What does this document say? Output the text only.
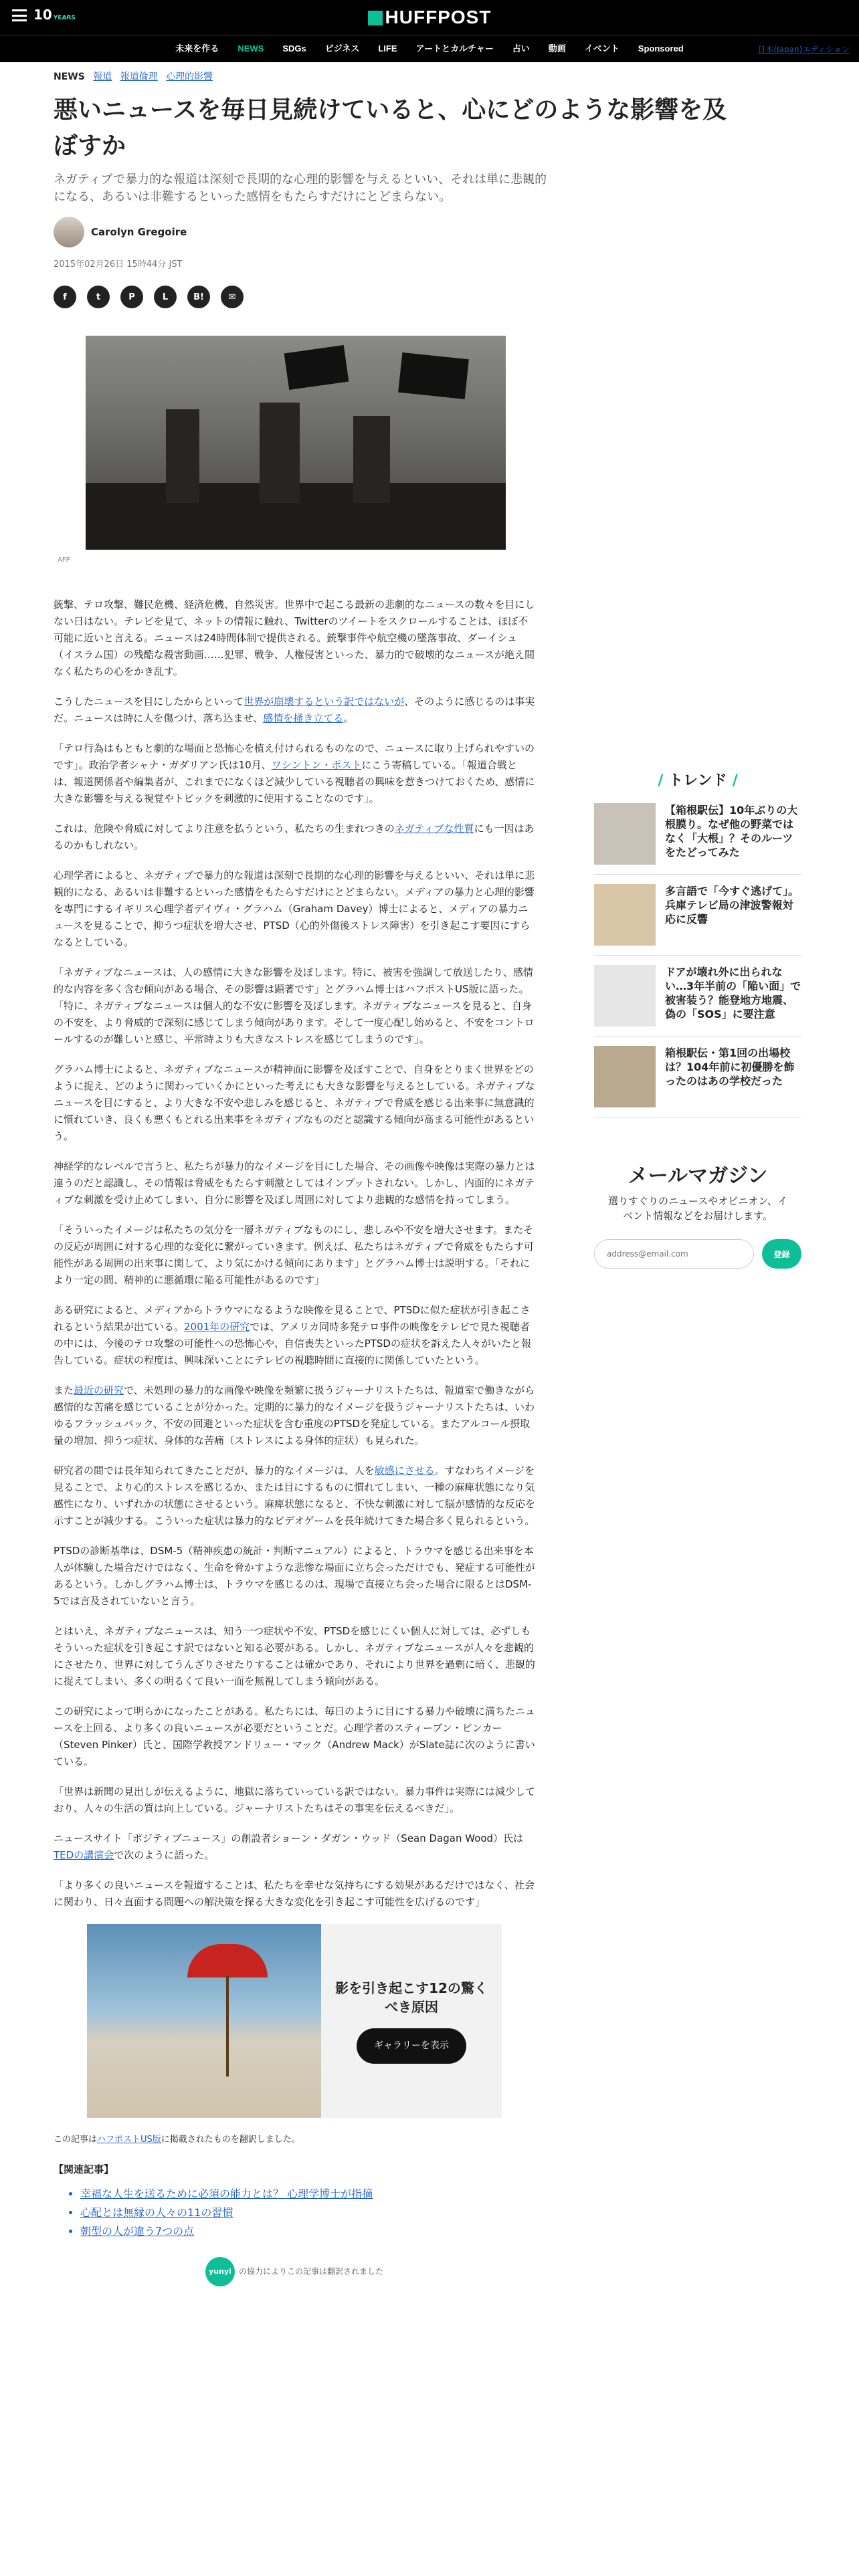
10 YEARS	HUFFPOST
未来を作る NEWS SDGs ビジネス LIFE アートとカルチャー 占い 動画 イベント Sponsored	日本(Japan)エディション
NEWS 報道 報道倫理 心理的影響
悪いニュースを毎日見続けていると、心にどのような影響を及ぼすか

ネガティブで暴力的な報道は深刻で長期的な心理的影響を与えるといい、それは単に悲観的になる、あるいは非難するといった感情をもたらすだけにとどまらない。

Carolyn Gregoire
2015年02月26日 15時44分 JST
f	t	P	L	B!	✉
AFP

銃撃、テロ攻撃、難民危機、経済危機、自然災害。世界中で起こる最新の悲劇的なニュースの数々を目にしない日はない。テレビを見て、ネットの情報に触れ、Twitterのツイートをスクロールすることは、ほぼ不可能に近いと言える。ニュースは24時間体制で提供される。銃撃事件や航空機の墜落事故、ダーイシュ（イスラム国）の残酷な殺害動画……犯罪、戦争、人権侵害といった、暴力的で破壊的なニュースが絶え間なく私たちの心をかき乱す。

こうしたニュースを目にしたからといって世界が崩壊するという訳ではないが、そのように感じるのは事実だ。ニュースは時に人を傷つけ、落ち込ませ、感情を掻き立てる。

「テロ行為はもともと劇的な場面と恐怖心を植え付けられるものなので、ニュースに取り上げられやすいのです」。政治学者シャナ・ガダリアン氏は10月、ワシントン・ポストにこう寄稿している。「報道合戦とは、報道関係者や編集者が、これまでになくほど減少している視聴者の興味を惹きつけておくため、感情に大きな影響を与える視覚やトピックを刺激的に使用することなのです」。

これは、危険や脅威に対してより注意を払うという、私たちの生まれつきのネガティブな性質にも一因はあるのかもしれない。

心理学者によると、ネガティブで暴力的な報道は深刻で長期的な心理的影響を与えるといい、それは単に悲観的になる、あるいは非難するといった感情をもたらすだけにとどまらない。メディアの暴力と心理的影響を専門にするイギリス心理学者デイヴィ・グラハム（Graham Davey）博士によると、メディアの暴力ニュースを見ることで、抑うつ症状を増大させ、PTSD（心的外傷後ストレス障害）を引き起こす要因にすらなるとしている。

「ネガティブなニュースは、人の感情に大きな影響を及ぼします。特に、被害を強調して放送したり、感情的な内容を多く含む傾向がある場合、その影響は顕著です」とグラハム博士はハフポストUS版に語った。「特に、ネガティブなニュースは個人的な不安に影響を及ぼします。ネガティブなニュースを見ると、自身の不安を、より脅威的で深刻に感じてしまう傾向があります。そして一度心配し始めると、不安をコントロールするのが難しいと感じ、平常時よりも大きなストレスを感じてしまうのです」。

グラハム博士によると、ネガティブなニュースが精神面に影響を及ぼすことで、自身をとりまく世界をどのように捉え、どのように関わっていくかにといった考えにも大きな影響を与えるとしている。ネガティブなニュースを目にすると、より大きな不安や悲しみを感じると、ネガティブで脅威を感じる出来事に無意識的に慣れていき、良くも悪くもとれる出来事をネガティブなものだと認識する傾向が高まる可能性があるという。

神経学的なレベルで言うと、私たちが暴力的なイメージを目にした場合、その画像や映像は実際の暴力とは違うのだと認識し、その情報は脅威をもたらす刺激としてはインプットされない。しかし、内面的にネガティブな刺激を受け止めてしまい、自分に影響を及ぼし周囲に対してより悲観的な感情を持ってしまう。

「そういったイメージは私たちの気分を一層ネガティブなものにし、悲しみや不安を増大させます。またその反応が周囲に対する心理的な変化に繋がっていきます。例えば、私たちはネガティブで脅威をもたらす可能性がある周囲の出来事に関して、より気にかける傾向にあります」とグラハム博士は説明する。「それにより一定の間、精神的に悪循環に陥る可能性があるのです」

ある研究によると、メディアからトラウマになるような映像を見ることで、PTSDに似た症状が引き起こされるという結果が出ている。2001年の研究では、アメリカ同時多発テロ事件の映像をテレビで見た視聴者の中には、今後のテロ攻撃の可能性への恐怖心や、自信喪失といったPTSDの症状を訴えた人々がいたと報告している。症状の程度は、興味深いことにテレビの視聴時間に直接的に関係していたという。

また最近の研究で、未処理の暴力的な画像や映像を頻繁に扱うジャーナリストたちは、報道室で働きながら感情的な苦痛を感じていることが分かった。定期的に暴力的なイメージを扱うジャーナリストたちは、いわゆるフラッシュバック、不安の回避といった症状を含む重度のPTSDを発症している。またアルコール摂取量の増加、抑うつ症状、身体的な苦痛（ストレスによる身体的症状）も見られた。

研究者の間では長年知られてきたことだが、暴力的なイメージは、人を敏感にさせる。すなわちイメージを見ることで、より心的ストレスを感じるか、または目にするものに慣れてしまい、一種の麻痺状態になり気感性になり、いずれかの状態にさせるという。麻痺状態になると、不快な刺激に対して脳が感情的な反応を示すことが減少する。こういった症状は暴力的なビデオゲームを長年続けてきた場合多く見られるという。

PTSDの診断基準は、DSM-5（精神疾患の統計・判断マニュアル）によると、トラウマを感じる出来事を本人が体験した場合だけではなく、生命を脅かすような悲惨な場面に立ち会っただけでも、発症する可能性があるという。しかしグラハム博士は、トラウマを感じるのは、現場で直接立ち会った場合に限るとはDSM-5では言及されていないと言う。

とはいえ、ネガティブなニュースは、知う一つ症状や不安、PTSDを感じにくい個人に対しては、必ずしもそういった症状を引き起こす訳ではないと知る必要がある。しかし、ネガティブなニュースが人々を悲観的にさせたり、世界に対してうんざりさせたりすることは確かであり、それにより世界を過剰に暗く、悲観的に捉えてしまい、多くの明るくて良い一面を無視してしまう傾向がある。

この研究によって明らかになったことがある。私たちには、毎日のように目にする暴力や破壊に満ちたニュースを上回る、より多くの良いニュースが必要だということだ。心理学者のスティーブン・ピンカー（Steven Pinker）氏と、国際学教授アンドリュー・マック（Andrew Mack）がSlate誌に次のように書いている。

「世界は新聞の見出しが伝えるように、地獄に落ちていっている訳ではない。暴力事件は実際には減少しており、人々の生活の質は向上している。ジャーナリストたちはその事実を伝えるべきだ」。

ニュースサイト「ポジティブニュース」の創設者ショーン・ダガン・ウッド（Sean Dagan Wood）氏はTEDの講演会で次のように語った。

「より多くの良いニュースを報道することは、私たちを幸せな気持ちにする効果があるだけではなく、社会に関わり、日々直面する問題への解決策を探る大きな変化を引き起こす可能性を広げるのです」

影を引き起こす12の驚くべき原因
ギャラリーを表示
この記事はハフポストUS版に掲載されたものを翻訳しました。
【関連記事】
• 幸福な人生を送るために必須の能力とは？ 心理学博士が指摘
• 心配とは無縁の人々の11の習慣
• 朝型の人が違う7つの点
yunyi の協力によりこの記事は翻訳されました
/ トレンド /
【箱根駅伝】10年ぶりの大根膜り。なぜ他の野菜ではなく「大根」？そのルーツをたどってみた
多言語で「今すぐ逃げて」。兵庫テレビ局の津波警報対応に反響
ドアが壊れ外に出られない…3年半前の「陥い面」で被害装う？能登地方地震、偽の「SOS」に要注意
箱根駅伝・第1回の出場校は？104年前に初優勝を飾ったのはあの学校だった
メールマガジン
選りすぐりのニュースやオピニオン、イベント情報などをお届けします。
address@email.com
登録
